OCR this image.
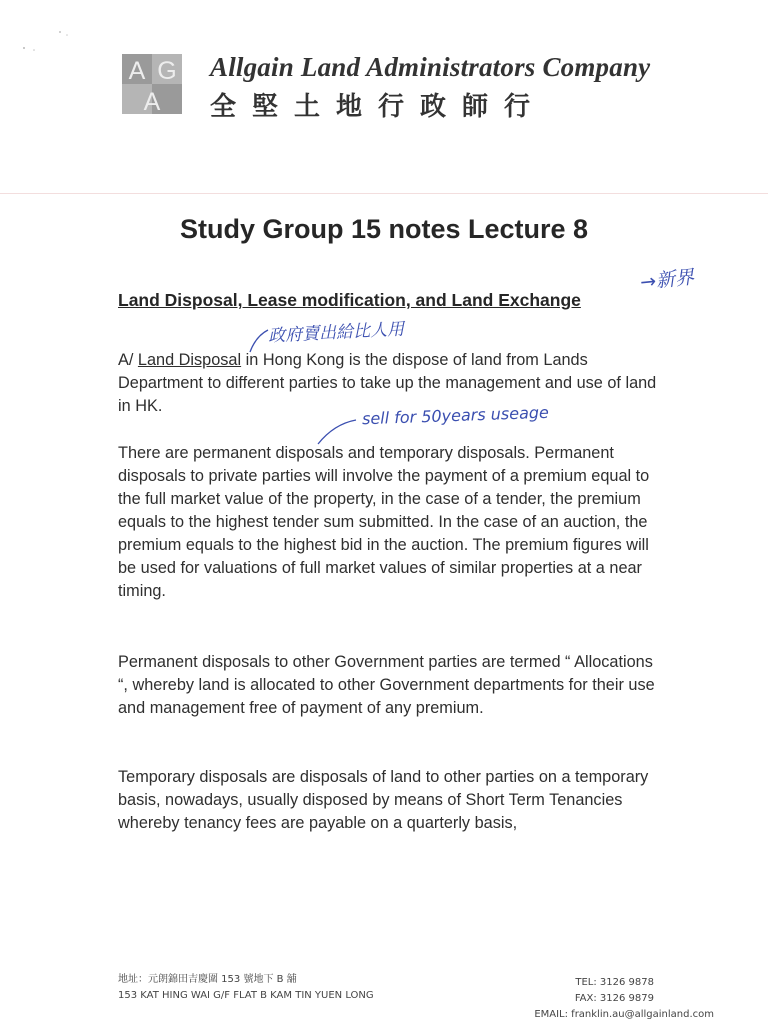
A G
A
Allgain Land Administrators Company
全堅土地行政師行
Study Group 15 notes Lecture 8
Land Disposal, Lease modification, and Land Exchange
→新界
政府賣出給比人用
sell for 50years useage

A/ Land Disposal in Hong Kong is the dispose of land from Lands Department to different parties to take up the management and use of land in HK.

There are permanent disposals and temporary disposals. Permanent disposals to private parties will involve the payment of a premium equal to the full market value of the property, in the case of a tender, the premium equals to the highest tender sum submitted. In the case of an auction, the premium equals to the highest bid in the auction. The premium figures will be used for valuations of full market values of similar properties at a near timing.

Permanent disposals to other Government parties are termed “ Allocations “, whereby land is allocated to other Government departments for their use and management free of payment of any premium.

Temporary disposals are disposals of land to other parties on a temporary basis, nowadays, usually disposed by means of Short Term Tenancies whereby tenancy fees are payable on a quarterly basis,

地址：元朗錦田吉慶圍 153 號地下 B 舖
153 KAT HING WAI G/F FLAT B KAM TIN YUEN LONG
TEL: 3126 9878
FAX: 3126 9879
EMAIL: franklin.au@allgainland.com
